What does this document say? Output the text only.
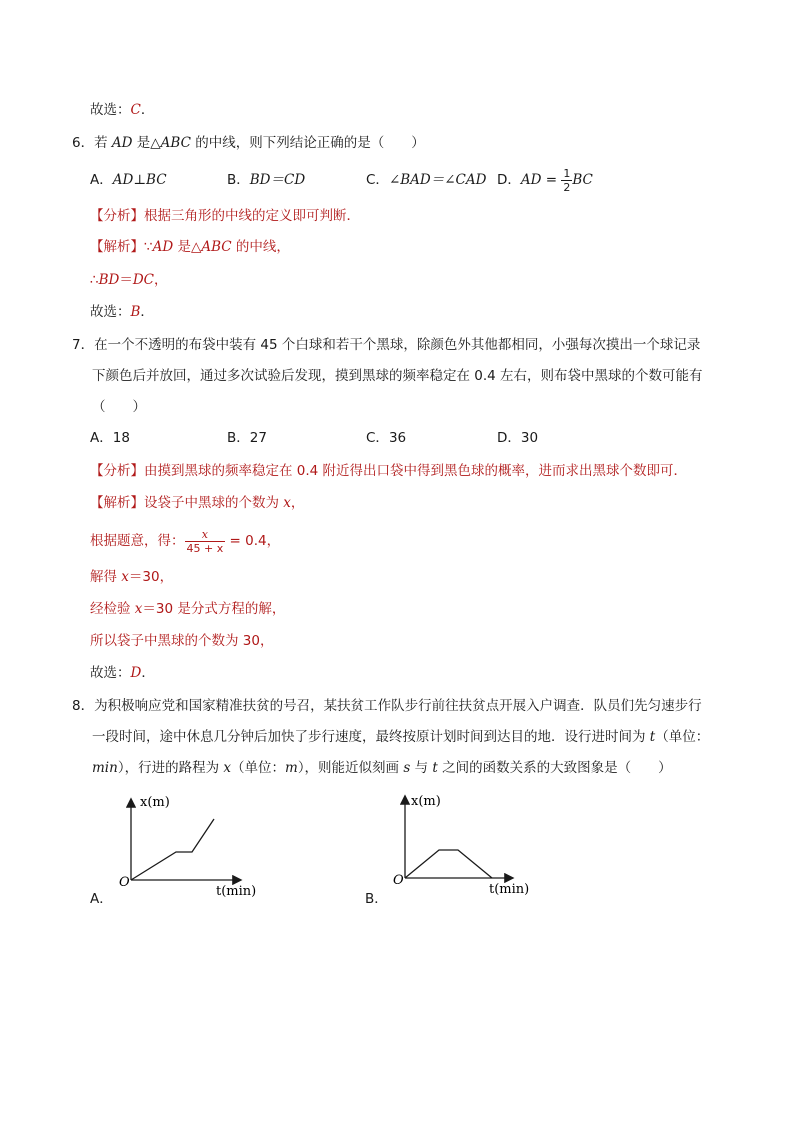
故选：C．
6．若 AD 是△ABC 的中线，则下列结论正确的是（　　）
A．AD⊥BC	B．BD＝CD	C．∠BAD＝∠CAD D．AD = $\frac{1}{2}$ BC
【分析】根据三角形的中线的定义即可判断．
【解析】∵AD 是△ABC 的中线，
∴BD＝DC，
故选：B．
7．在一个不透明的布袋中装有 45 个白球和若干个黑球，除颜色外其他都相同，小强每次摸出一个球记录
下颜色后并放回，通过多次试验后发现，摸到黑球的频率稳定在 0.4 左右，则布袋中黑球的个数可能有
（　　）
A．18	B．27	C．36	D．30
【分析】由摸到黑球的频率稳定在 0.4 附近得出口袋中得到黑色球的概率，进而求出黑球个数即可．
【解析】设袋子中黑球的个数为 x，
根据题意，得： $\frac{x}{45 + x} = 0.4$，
解得 x＝30，
经检验 x＝30 是分式方程的解，
所以袋子中黑球的个数为 30，
故选：D．
8．为积极响应党和国家精准扶贫的号召，某扶贫工作队步行前往扶贫点开展入户调查．队员们先匀速步行
一段时间，途中休息几分钟后加快了步行速度，最终按原计划时间到达目的地．设行进时间为 t（单位：
min），行进的路程为 x（单位：m），则能近似刻画 s 与 t 之间的函数关系的大致图象是（　　）
x(m)
O
t(min)
A．
x(m)
O
t(min)
B．
